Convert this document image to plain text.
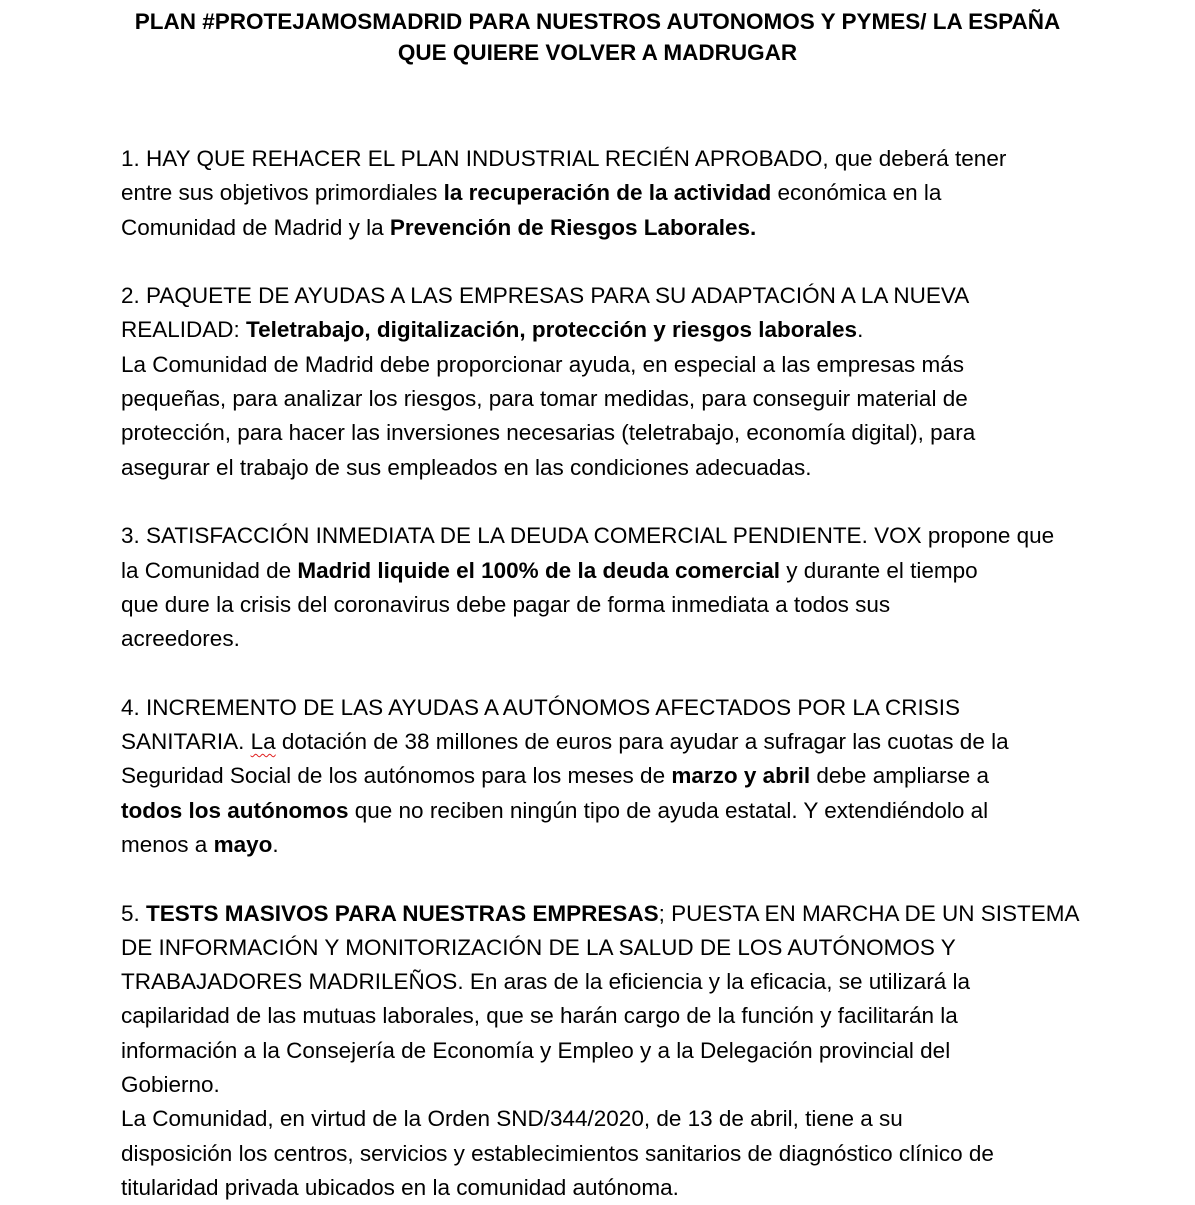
PLAN #PROTEJAMOSMADRID PARA NUESTROS AUTONOMOS Y PYMES/ LA ESPAÑA
QUE QUIERE VOLVER A MADRUGAR
1. HAY QUE REHACER EL PLAN INDUSTRIAL RECIÉN APROBADO, que deberá tener
entre sus objetivos primordiales la recuperación de la actividad económica en la
Comunidad de Madrid y la Prevención de Riesgos Laborales.
2. PAQUETE DE AYUDAS A LAS EMPRESAS PARA SU ADAPTACIÓN A LA NUEVA
REALIDAD: Teletrabajo, digitalización, protección y riesgos laborales.
La Comunidad de Madrid debe proporcionar ayuda, en especial a las empresas más
pequeñas, para analizar los riesgos, para tomar medidas, para conseguir material de
protección, para hacer las inversiones necesarias (teletrabajo, economía digital), para
asegurar el trabajo de sus empleados en las condiciones adecuadas.
3. SATISFACCIÓN INMEDIATA DE LA DEUDA COMERCIAL PENDIENTE. VOX propone que
la Comunidad de Madrid liquide el 100% de la deuda comercial y durante el tiempo
que dure la crisis del coronavirus debe pagar de forma inmediata a todos sus
acreedores.
4. INCREMENTO DE LAS AYUDAS A AUTÓNOMOS AFECTADOS POR LA CRISIS
SANITARIA. La dotación de 38 millones de euros para ayudar a sufragar las cuotas de la
Seguridad Social de los autónomos para los meses de marzo y abril debe ampliarse a
todos los autónomos que no reciben ningún tipo de ayuda estatal. Y extendiéndolo al
menos a mayo.
5. TESTS MASIVOS PARA NUESTRAS EMPRESAS; PUESTA EN MARCHA DE UN SISTEMA
DE INFORMACIÓN Y MONITORIZACIÓN DE LA SALUD DE LOS AUTÓNOMOS Y
TRABAJADORES MADRILEÑOS. En aras de la eficiencia y la eficacia, se utilizará la
capilaridad de las mutuas laborales, que se harán cargo de la función y facilitarán la
información a la Consejería de Economía y Empleo y a la Delegación provincial del
Gobierno.
La Comunidad, en virtud de la Orden SND/344/2020, de 13 de abril, tiene a su
disposición los centros, servicios y establecimientos sanitarios de diagnóstico clínico de
titularidad privada ubicados en la comunidad autónoma.
